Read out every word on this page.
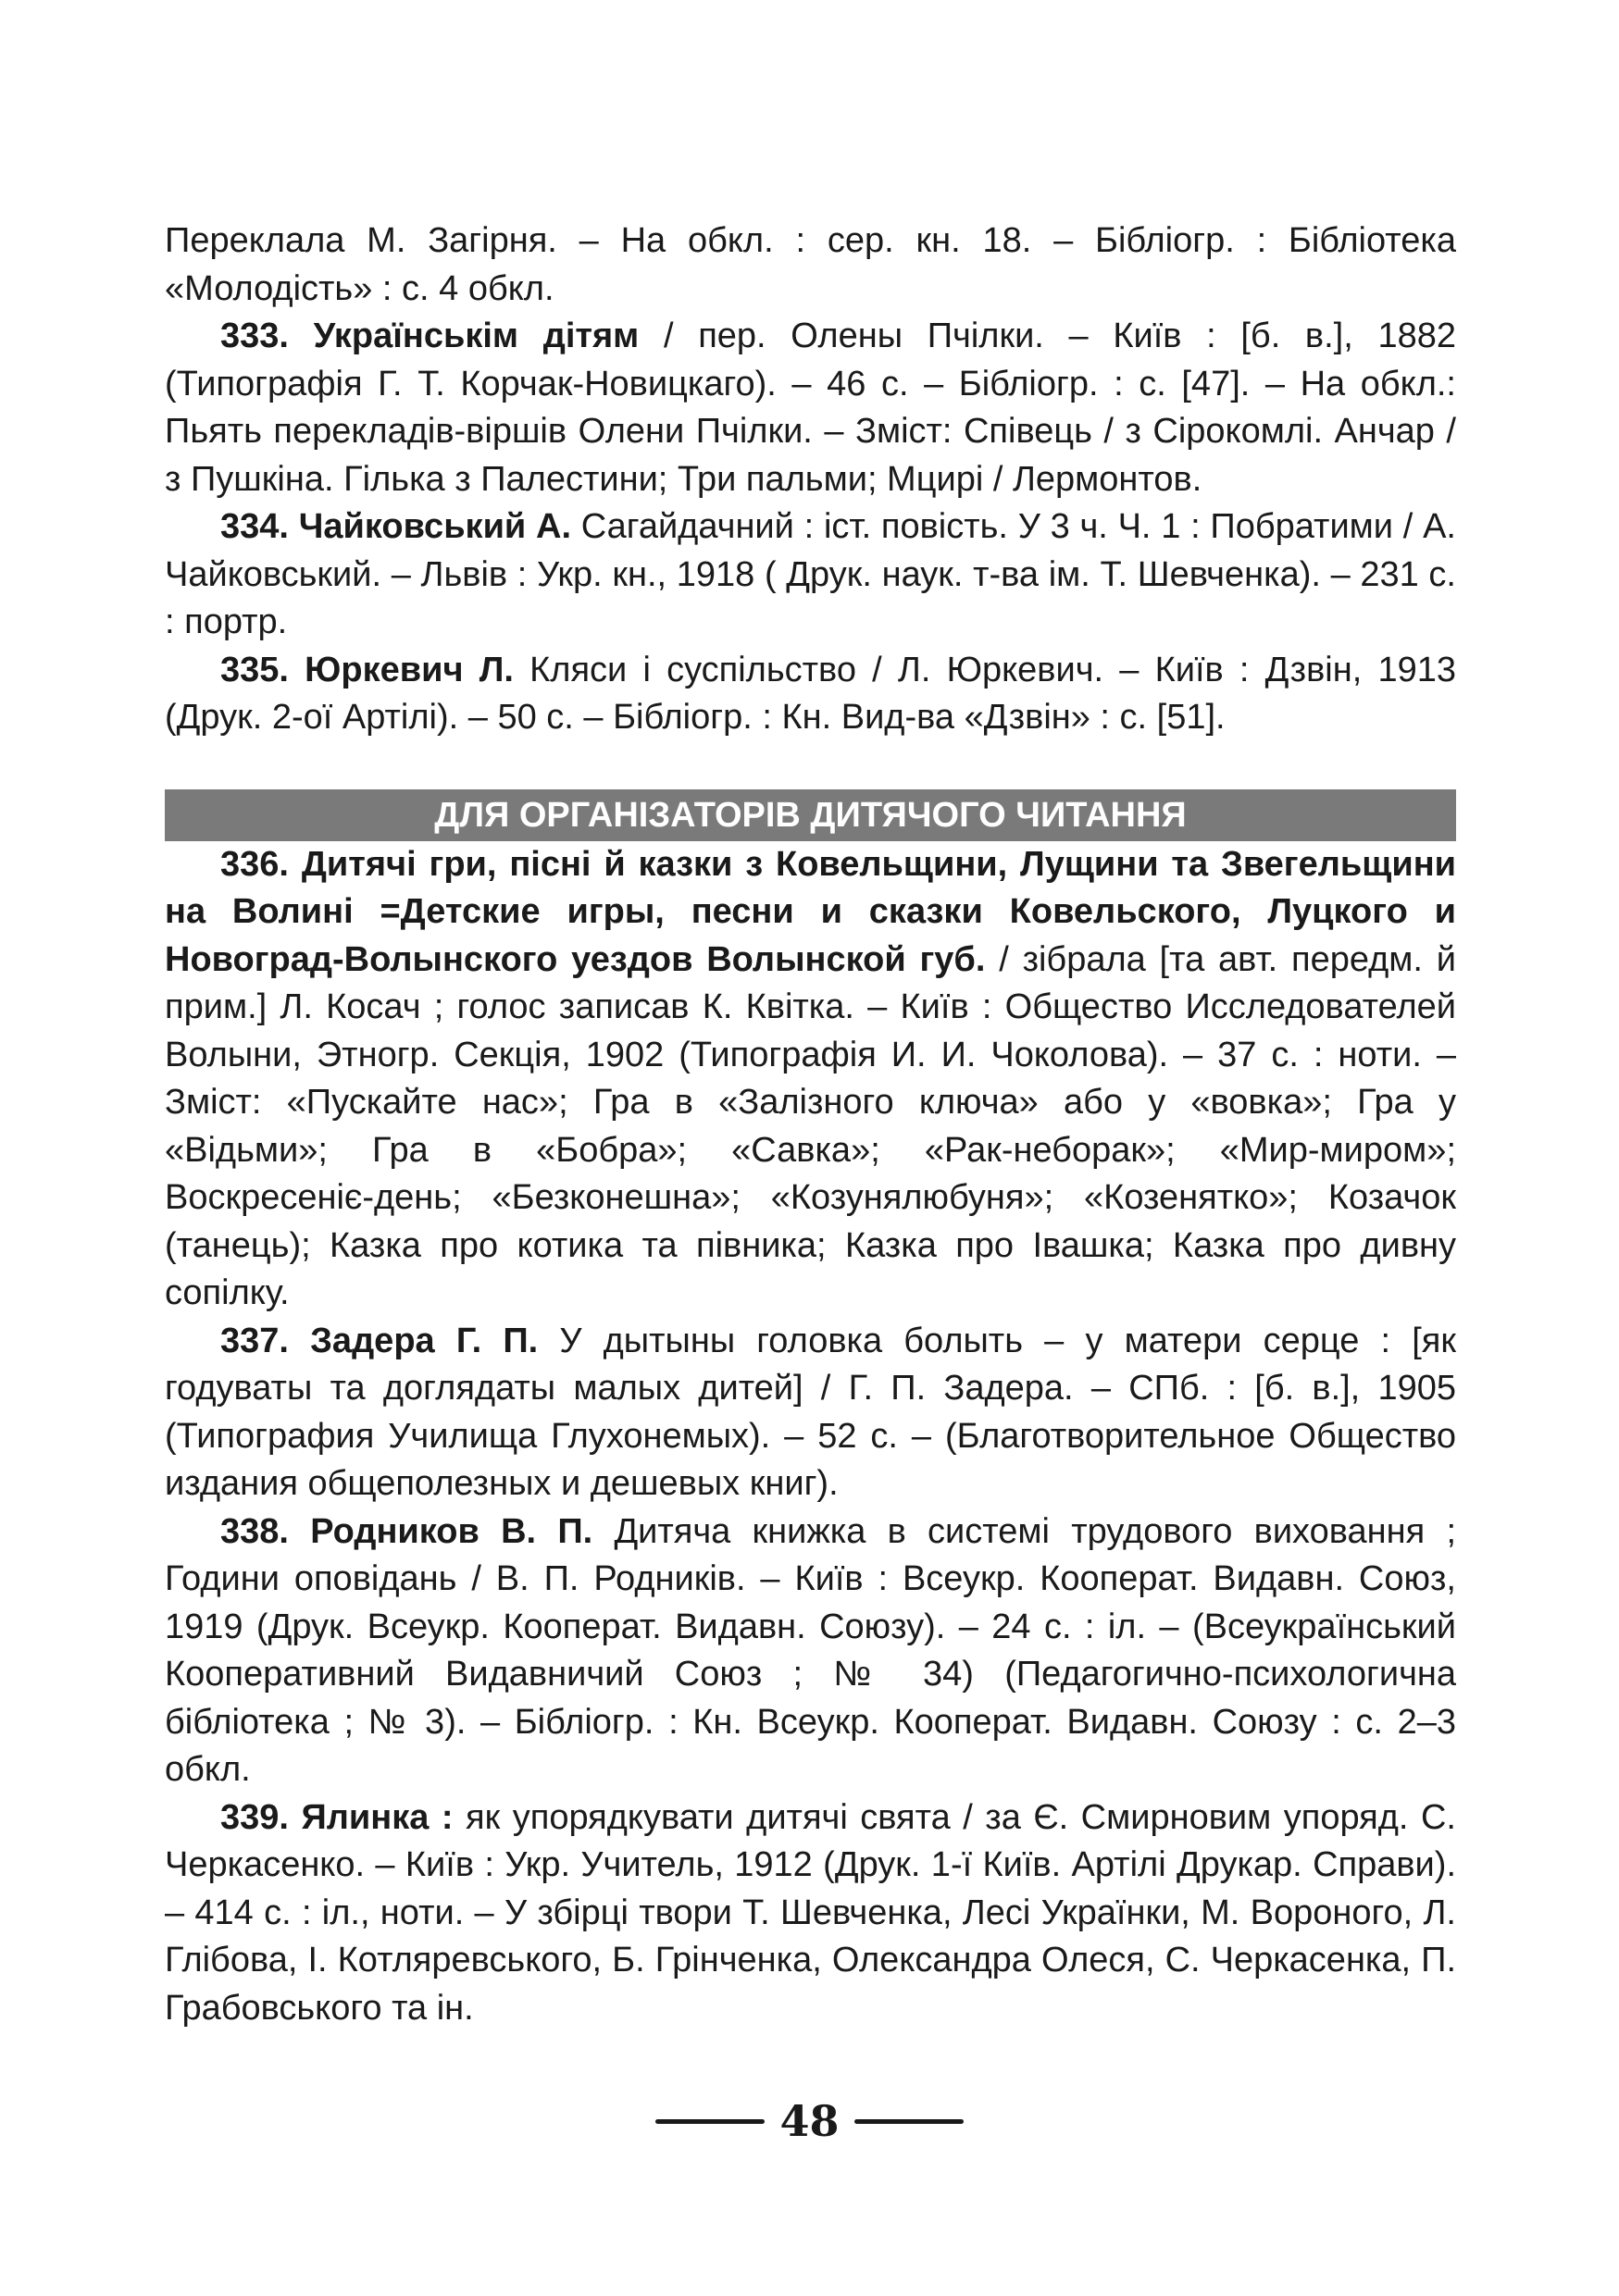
Переклала М. Загірня. – На обкл. : сер. кн. 18. – Бібліогр. : Бібліотека «Молодість» : с. 4 обкл.

333. Українськім дітям / пер. Олены Пчілки. – Київ : [б. в.], 1882 (Типографія Г. Т. Корчак-Новицкаго). – 46 с. – Бібліогр. : с. [47]. – На обкл.: Пьять перекладів-віршів Олени Пчілки. – Зміст: Співець / з Сірокомлі. Анчар / з Пушкіна. Гілька з Палестини; Три пальми; Мцирі / Лермонтов.

334. Чайковський А. Сагайдачний : іст. повість. У 3 ч. Ч. 1 : Побратими / А. Чайковський. – Львів : Укр. кн., 1918 ( Друк. наук. т-ва ім. Т. Шевченка). – 231 с. : портр.

335. Юркевич Л. Кляси і суспільство / Л. Юркевич. – Київ : Дзвін, 1913 (Друк. 2-ої Артілі). – 50 с. – Бібліогр. : Кн. Вид-ва «Дзвін» : с. [51].

ДЛЯ ОРГАНІЗАТОРІВ ДИТЯЧОГО ЧИТАННЯ

336. Дитячі гри, пісні й казки з Ковельщини, Лущини та Звегельщини на Волині =Детские игры, песни и сказки Ковельского, Луцкого и Новоград-Волынского уездов Волынской губ. / зібрала [та авт. передм. й прим.] Л. Косач ; голос записав К. Квітка. – Київ : Общество Исследователей Волыни, Этногр. Секція, 1902 (Типографія И. И. Чоколова). – 37 с. : ноти. – Зміст: «Пускайте нас»; Гра в «Залізного ключа» або у «вовка»; Гра у «Відьми»; Гра в «Бобра»; «Савка»; «Рак-неборак»; «Мир-миром»; Воскресеніє-день; «Безконешна»; «Козунялюбуня»; «Козенятко»; Козачок (танець); Казка про котика та півника; Казка про Івашка; Казка про дивну сопілку.

337. Задера Г. П. У дытыны головка болыть – у матери серце : [як годуваты та доглядаты малых дитей] / Г. П. Задера. – СПб. : [б. в.], 1905 (Типография Училища Глухонемых). – 52 с. – (Благотворительное Общество издания общеполезных и дешевых книг).

338. Родников В. П. Дитяча книжка в системі трудового виховання ; Години оповідань / В. П. Родників. – Київ : Всеукр. Кооперат. Видавн. Союз, 1919 (Друк. Всеукр. Кооперат. Видавн. Союзу). – 24 с. : іл. – (Всеукраїнський Кооперативний Видавничий Союз ; № 34) (Педагогично-психологична бібліотека ; № 3). – Бібліогр. : Кн. Всеукр. Кооперат. Видавн. Союзу : с. 2–3 обкл.

339. Ялинка : як упорядкувати дитячі свята / за Є. Смирновим упоряд. С. Черкасенко. – Київ : Укр. Учитель, 1912 (Друк. 1-ї Київ. Артілі Друкар. Справи). – 414 с. : іл., ноти. – У збірці твори Т. Шевченка, Лесі Українки, М. Вороного, Л. Глібова, І. Котляревського, Б. Грінченка, Олександра Олеся, С. Черкасенка, П. Грабовського та ін.

48
